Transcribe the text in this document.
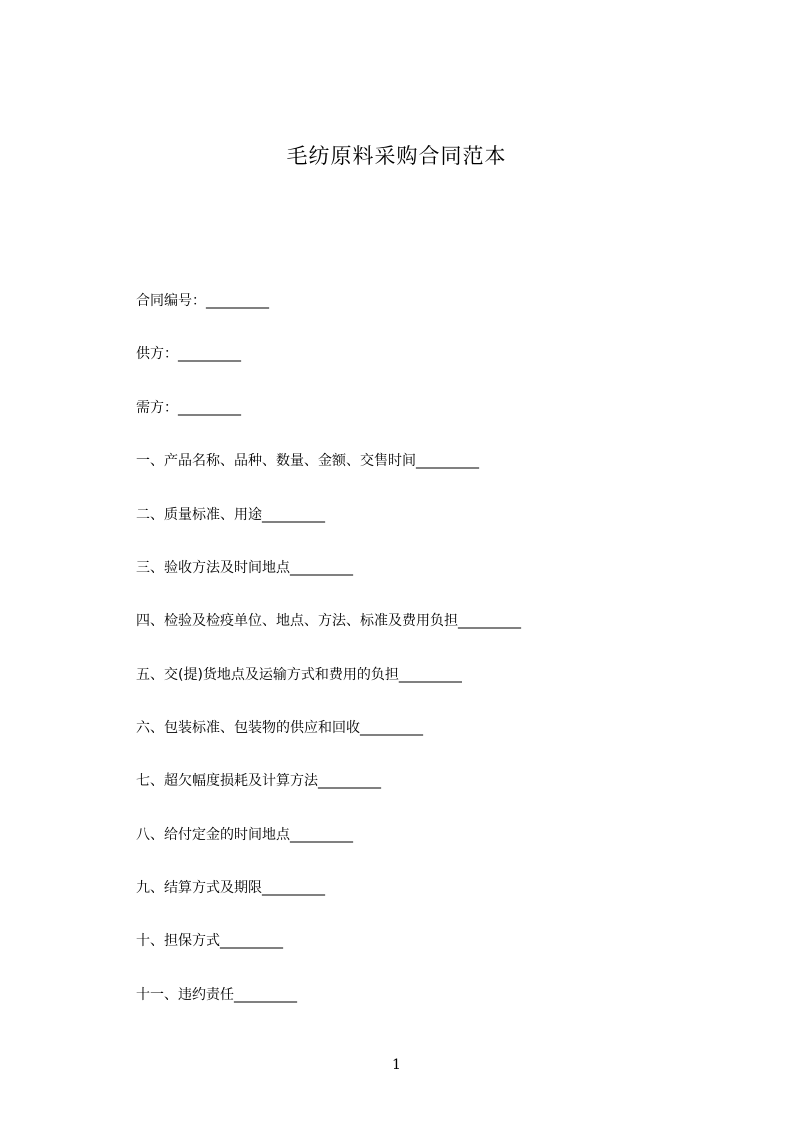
毛纺原料采购合同范本
合同编号：_________
供方：_________
需方：_________
一、产品名称、品种、数量、金额、交售时间_________
二、质量标准、用途_________
三、验收方法及时间地点_________
四、检验及检疫单位、地点、方法、标准及费用负担_________
五、交(提)货地点及运输方式和费用的负担_________
六、包装标准、包装物的供应和回收_________
七、超欠幅度损耗及计算方法_________
八、给付定金的时间地点_________
九、结算方式及期限_________
十、担保方式_________
十一、违约责任_________
1
